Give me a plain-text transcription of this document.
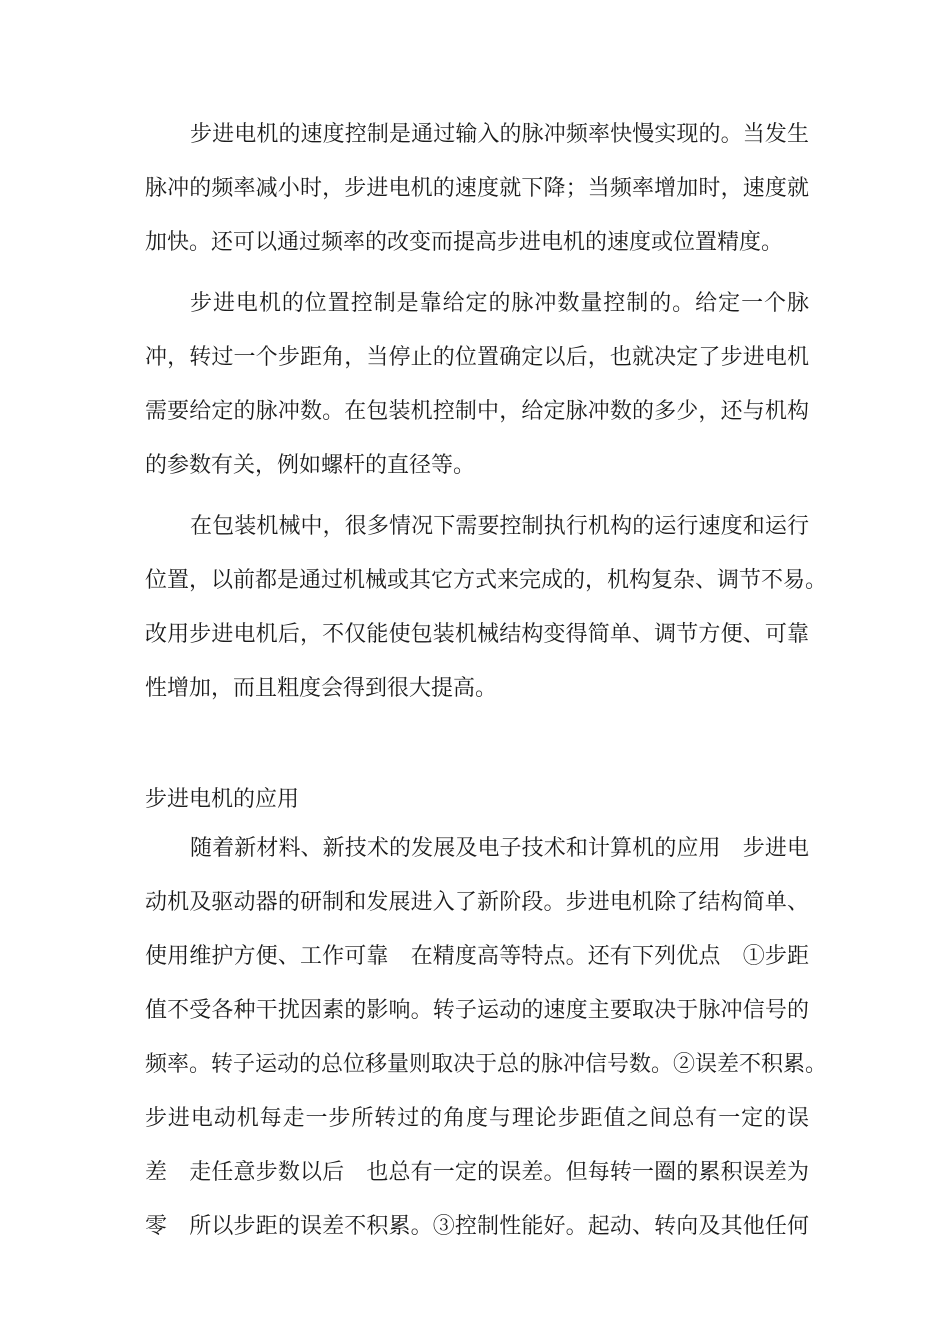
步进电机的速度控制是通过输入的脉冲频率快慢实现的。当发生
脉冲的频率减小时，步进电机的速度就下降；当频率增加时，速度就
加快。还可以通过频率的改变而提高步进电机的速度或位置精度。
步进电机的位置控制是靠给定的脉冲数量控制的。给定一个脉
冲，转过一个步距角，当停止的位置确定以后，也就决定了步进电机
需要给定的脉冲数。在包装机控制中，给定脉冲数的多少，还与机构
的参数有关，例如螺杆的直径等。
在包装机械中，很多情况下需要控制执行机构的运行速度和运行
位置，以前都是通过机械或其它方式来完成的，机构复杂、调节不易。
改用步进电机后，不仅能使包装机械结构变得简单、调节方便、可靠
性增加，而且粗度会得到很大提高。
步进电机的应用
随着新材料、新技术的发展及电子技术和计算机的应用　步进电
动机及驱动器的研制和发展进入了新阶段。步进电机除了结构简单、
使用维护方便、工作可靠　在精度高等特点。还有下列优点　①步距
值不受各种干扰因素的影响。转子运动的速度主要取决于脉冲信号的
频率。转子运动的总位移量则取决于总的脉冲信号数。②误差不积累。
步进电动机每走一步所转过的角度与理论步距值之间总有一定的误
差　走任意步数以后　也总有一定的误差。但每转一圈的累积误差为
零　所以步距的误差不积累。③控制性能好。起动、转向及其他任何
